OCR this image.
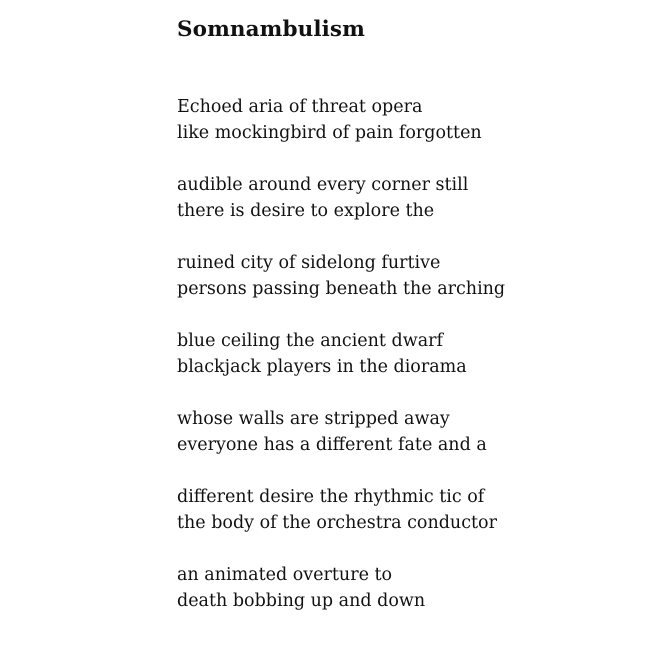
Somnambulism
Echoed aria of threat opera
like mockingbird of pain forgotten
audible around every corner still
there is desire to explore the
ruined city of sidelong furtive
persons passing beneath the arching
blue ceiling the ancient dwarf
blackjack players in the diorama
whose walls are stripped away
everyone has a different fate and a
different desire the rhythmic tic of
the body of the orchestra conductor
an animated overture to
death bobbing up and down
